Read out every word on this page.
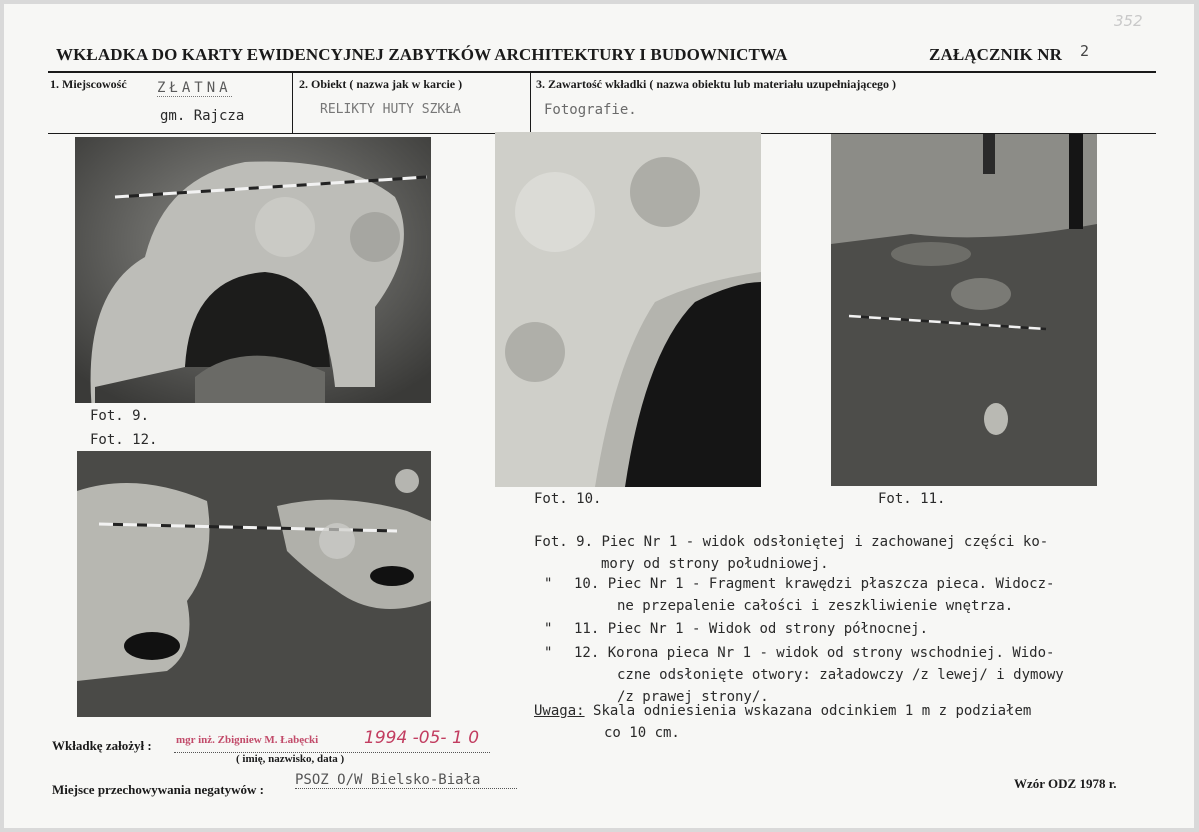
WKŁADKA DO KARTY EWIDENCYJNEJ ZABYTKÓW ARCHITEKTURY I BUDOWNICTWA	ZAŁĄCZNIK NR 2
352
1. Miejscowość ZŁATNA
gm. Rajcza
2. Obiekt ( nazwa jak w karcie )
RELIKTY HUTY SZKŁA
3. Zawartość wkładki ( nazwa obiektu lub materiału uzupełniającego )
Fotografie.
Fot. 9.
Fot. 12.
Fot. 10.	Fot. 11.
Fot. 9. Piec Nr 1 - widok odsłoniętej i zachowanej części ko-
mory od strony południowej.
" 10. Piec Nr 1 - Fragment krawędzi płaszcza pieca. Widocz-
ne przepalenie całości i zeszkliwienie wnętrza.
" 11. Piec Nr 1 - Widok od strony północnej.
" 12. Korona pieca Nr 1 - widok od strony wschodniej. Wido-
czne odsłonięte otwory: załadowczy /z lewej/ i dymowy
/z prawej strony/.
Uwaga: Skala odniesienia wskazana odcinkiem 1 m z podziałem
co 10 cm.
Wkładkę założył : mgr inż. Zbigniew M. Łabęcki	1994 -05- 1 0
( imię, nazwisko, data )
Miejsce przechowywania negatywów :
PSOZ O/W Bielsko-Biała	Wzór ODZ 1978 r.
